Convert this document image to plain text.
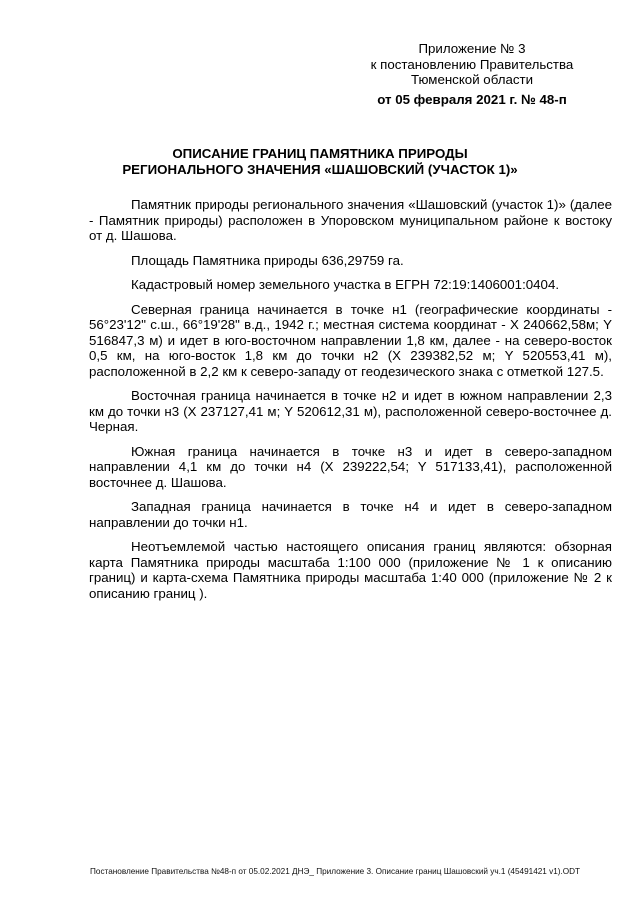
Приложение № 3
к постановлению Правительства
Тюменской области
от 05 февраля 2021 г. № 48-п
ОПИСАНИЕ ГРАНИЦ ПАМЯТНИКА ПРИРОДЫ
РЕГИОНАЛЬНОГО ЗНАЧЕНИЯ «ШАШОВСКИЙ (УЧАСТОК 1)»

Памятник природы регионального значения «Шашовский (участок 1)» (далее - Памятник природы) расположен в Упоровском муниципальном районе к востоку от д. Шашова.

Площадь Памятника природы 636,29759 га.

Кадастровый номер земельного участка в ЕГРН 72:19:1406001:0404.

Северная граница начинается в точке н1 (географические координаты - 56°23'12" с.ш., 66°19'28" в.д., 1942 г.; местная система координат - X 240662,58м; Y 516847,3 м) и идет в юго-восточном направлении 1,8 км, далее - на северо-восток 0,5 км, на юго-восток 1,8 км до точки н2 (X 239382,52 м; Y 520553,41 м), расположенной в 2,2 км к северо-западу от геодезического знака с отметкой 127.5.

Восточная граница начинается в точке н2 и идет в южном направлении 2,3 км до точки н3 (X 237127,41 м; Y 520612,31 м), расположенной северо-восточнее д. Черная.

Южная граница начинается в точке н3 и идет в северо-западном направлении 4,1 км до точки н4 (X 239222,54; Y 517133,41), расположенной восточнее д. Шашова.

Западная граница начинается в точке н4 и идет в северо-западном направлении до точки н1.

Неотъемлемой частью настоящего описания границ являются: обзорная карта Памятника природы масштаба 1:100 000 (приложение № 1 к описанию границ) и карта-схема Памятника природы масштаба 1:40 000 (приложение № 2 к описанию границ ).

Постановление Правительства №48-п от 05.02.2021 ДНЭ_ Приложение 3. Описание границ Шашовский уч.1 (45491421 v1).ODT
